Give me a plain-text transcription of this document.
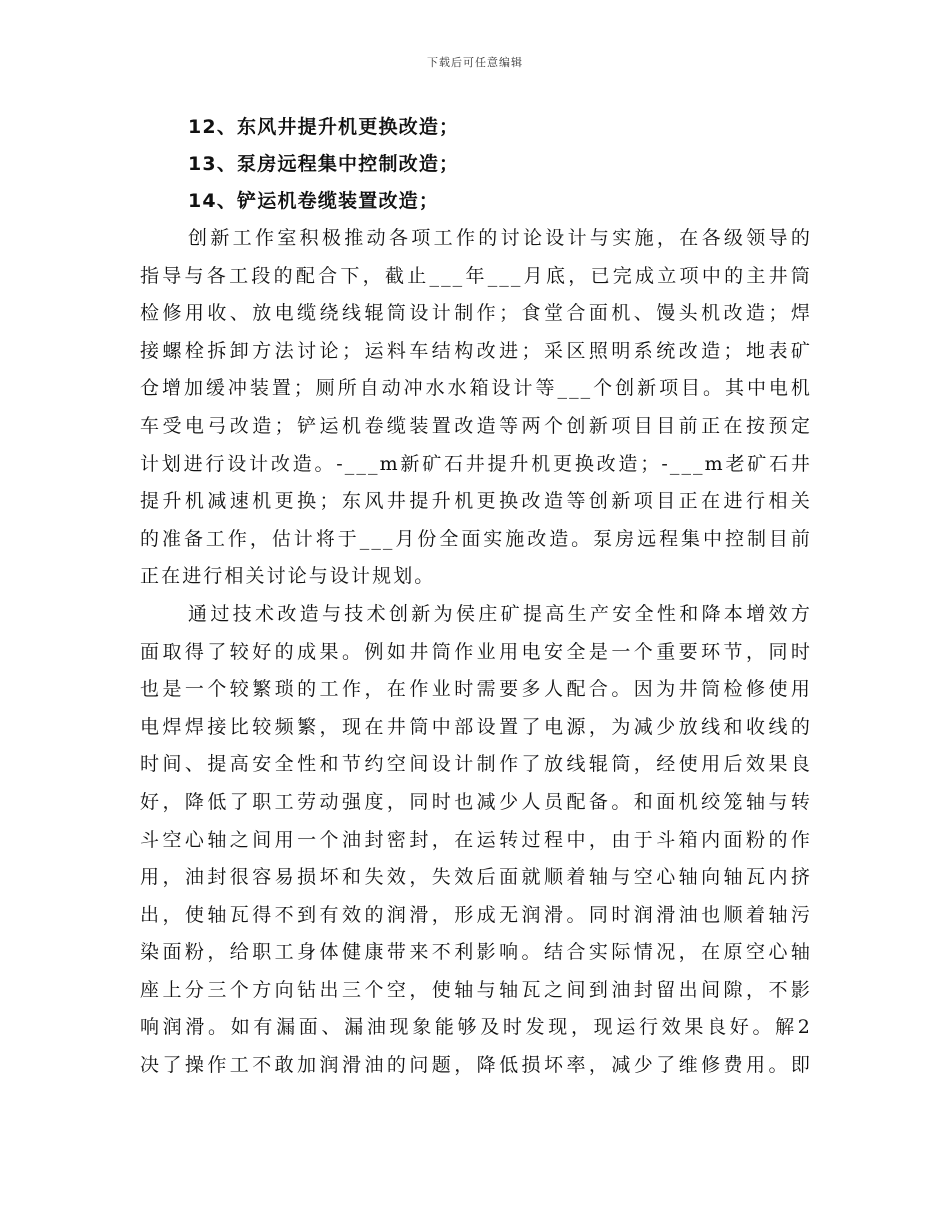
下载后可任意编辑
12、东风井提升机更换改造；
13、泵房远程集中控制改造；
14、铲运机卷缆装置改造；

创新工作室积极推动各项工作的讨论设计与实施，在各级领导的
指导与各工段的配合下，截止___年___月底，已完成立项中的主井筒
检修用收、放电缆绕线辊筒设计制作；食堂合面机、馒头机改造；焊
接螺栓拆卸方法讨论；运料车结构改进；采区照明系统改造；地表矿
仓增加缓冲装置；厕所自动冲水水箱设计等___个创新项目。其中电机
车受电弓改造；铲运机卷缆装置改造等两个创新项目目前正在按预定
计划进行设计改造。-___m新矿石井提升机更换改造；-___m老矿石井
提升机减速机更换；东风井提升机更换改造等创新项目正在进行相关
的准备工作，估计将于___月份全面实施改造。泵房远程集中控制目前
正在进行相关讨论与设计规划。

通过技术改造与技术创新为侯庄矿提高生产安全性和降本增效方
面取得了较好的成果。例如井筒作业用电安全是一个重要环节，同时
也是一个较繁琐的工作，在作业时需要多人配合。因为井筒检修使用
电焊焊接比较频繁，现在井筒中部设置了电源，为减少放线和收线的
时间、提高安全性和节约空间设计制作了放线辊筒，经使用后效果良
好，降低了职工劳动强度，同时也减少人员配备。和面机绞笼轴与转
斗空心轴之间用一个油封密封，在运转过程中，由于斗箱内面粉的作
用，油封很容易损坏和失效，失效后面就顺着轴与空心轴向轴瓦内挤
出，使轴瓦得不到有效的润滑，形成无润滑。同时润滑油也顺着轴污
染面粉，给职工身体健康带来不利影响。结合实际情况，在原空心轴
座上分三个方向钻出三个空，使轴与轴瓦之间到油封留出间隙，不影
响润滑。如有漏面、漏油现象能够及时发现，现运行效果良好。解2
决了操作工不敢加润滑油的问题，降低损坏率，减少了维修费用。即
